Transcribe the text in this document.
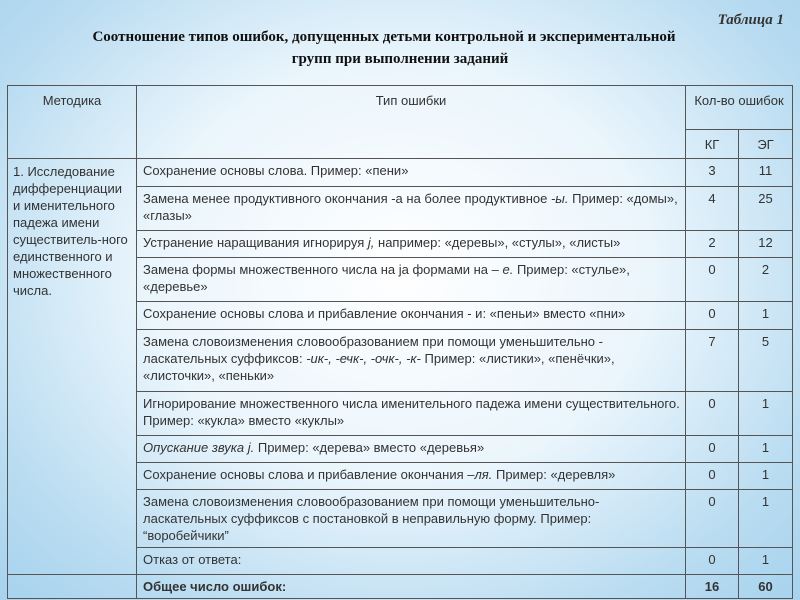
Таблица 1
Соотношение типов ошибок, допущенных детьми контрольной и экспериментальной
групп при выполнении заданий
Методика	Тип ошибки	Кол-во ошибок	
		КГ	ЭГ
1. Исследование дифференциации и именительного падежа имени существитель-ного единственного и множественного числа.	Сохранение основы слова. Пример: «пени»	3	11
	Замена менее продуктивного окончания -а на более продуктивное -ы. Пример: «домы», «глазы»	4	25
	Устранение наращивания игнорируя j, например: «деревы», «стулы», «листы»	2	12
	Замена формы множественного числа на ja формами на – е. Пример: «стулье», «деревье»	0	2
	Сохранение основы слова и прибавление окончания - и: «пеньи» вместо «пни»	0	1
	Замена словоизменения словообразованием при помощи уменьшительно - ласкательных суффиксов: -ик-, -ечк-, -очк-, -к- Пример: «листики», «пенёчки», «листочки», «пеньки»	7	5
	Игнорирование множественного числа именительного падежа имени существительного. Пример: «кукла» вместо «куклы»	0	1
	Опускание звука j. Пример: «дерева» вместо «деревья»	0	1
	Сохранение основы слова и прибавление окончания –ля. Пример: «деревля»	0	1
	Замена словоизменения словообразованием при помощи уменьшительно-ласкательных суффиксов с постановкой в неправильную форму. Пример: “воробейчики”	0	1
	Отказ от ответа:	0	1
	Общее число ошибок:	16	60
